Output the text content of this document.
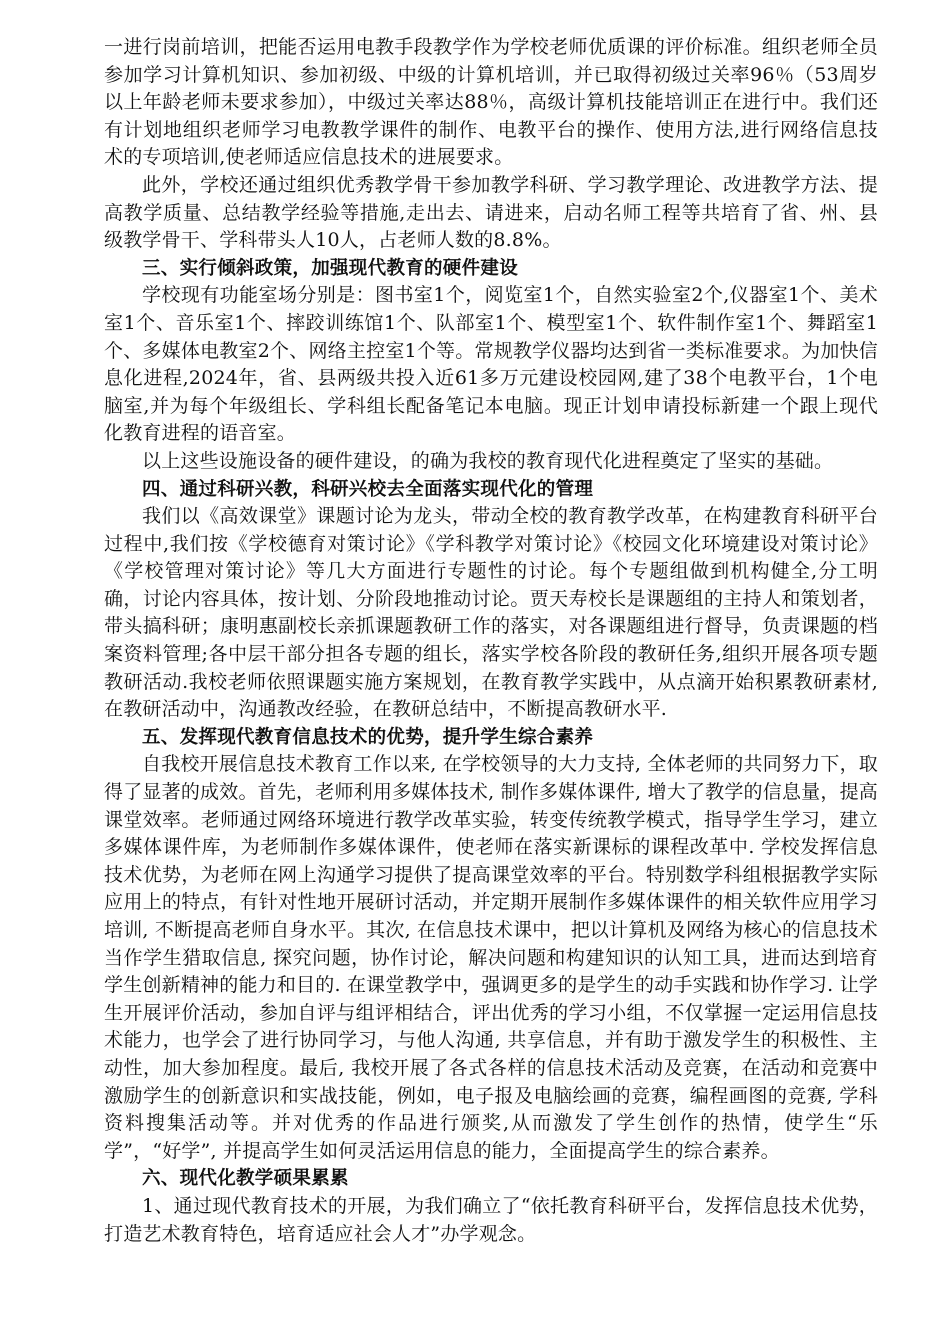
一进行岗前培训，把能否运用电教手段教学作为学校老师优质课的评价标准。组织老师全员参加学习计算机知识、参加初级、中级的计算机培训，并已取得初级过关率96％（53周岁以上年龄老师未要求参加），中级过关率达88％，高级计算机技能培训正在进行中。我们还有计划地组织老师学习电教教学课件的制作、电教平台的操作、使用方法,进行网络信息技术的专项培训,使老师适应信息技术的进展要求。

此外，学校还通过组织优秀教学骨干参加教学科研、学习教学理论、改进教学方法、提高教学质量、总结教学经验等措施,走出去、请进来，启动名师工程等共培育了省、州、县级教学骨干、学科带头人10人，占老师人数的8.8%。

三、实行倾斜政策，加强现代教育的硬件建设

学校现有功能室场分别是：图书室1个，阅览室1个，自然实验室2个,仪器室1个、美术室1个、音乐室1个、摔跤训练馆1个、队部室1个、模型室1个、软件制作室1个、舞蹈室1个、多媒体电教室2个、网络主控室1个等。常规教学仪器均达到省一类标准要求。为加快信息化进程,2024年，省、县两级共投入近61多万元建设校园网,建了38个电教平台，1个电脑室,并为每个年级组长、学科组长配备笔记本电脑。现正计划申请投标新建一个跟上现代化教育进程的语音室。

以上这些设施设备的硬件建设，的确为我校的教育现代化进程奠定了坚实的基础。

四、通过科研兴教，科研兴校去全面落实现代化的管理

我们以《高效课堂》课题讨论为龙头，带动全校的教育教学改革，在构建教育科研平台过程中,我们按《学校德育对策讨论》《学科教学对策讨论》《校园文化环境建设对策讨论》《学校管理对策讨论》等几大方面进行专题性的讨论。每个专题组做到机构健全,分工明确，讨论内容具体，按计划、分阶段地推动讨论。贾天寿校长是课题组的主持人和策划者，带头搞科研；康明惠副校长亲抓课题教研工作的落实，对各课题组进行督导，负责课题的档案资料管理;各中层干部分担各专题的组长，落实学校各阶段的教研任务,组织开展各项专题教研活动.我校老师依照课题实施方案规划，在教育教学实践中，从点滴开始积累教研素材,在教研活动中，沟通教改经验，在教研总结中，不断提高教研水平.

五、发挥现代教育信息技术的优势，提升学生综合素养

自我校开展信息技术教育工作以来, 在学校领导的大力支持, 全体老师的共同努力下，取得了显著的成效。首先，老师利用多媒体技术, 制作多媒体课件, 增大了教学的信息量，提高课堂效率。老师通过网络环境进行教学改革实验，转变传统教学模式，指导学生学习，建立多媒体课件库，为老师制作多媒体课件，使老师在落实新课标的课程改革中. 学校发挥信息技术优势，为老师在网上沟通学习提供了提高课堂效率的平台。特别数学科组根据教学实际应用上的特点，有针对性地开展研讨活动，并定期开展制作多媒体课件的相关软件应用学习培训, 不断提高老师自身水平。其次, 在信息技术课中，把以计算机及网络为核心的信息技术当作学生猎取信息, 探究问题，协作讨论，解决问题和构建知识的认知工具，进而达到培育学生创新精神的能力和目的. 在课堂教学中，强调更多的是学生的动手实践和协作学习. 让学生开展评价活动，参加自评与组评相结合，评出优秀的学习小组，不仅掌握一定运用信息技术能力，也学会了进行协同学习，与他人沟通, 共享信息，并有助于激发学生的积极性、主动性，加大参加程度。最后, 我校开展了各式各样的信息技术活动及竞赛，在活动和竞赛中激励学生的创新意识和实战技能，例如，电子报及电脑绘画的竞赛，编程画图的竞赛, 学科资料搜集活动等。并对优秀的作品进行颁奖,从而激发了学生创作的热情，使学生“乐学”，“好学”, 并提高学生如何灵活运用信息的能力，全面提高学生的综合素养。

六、现代化教学硕果累累

1、通过现代教育技术的开展，为我们确立了“依托教育科研平台，发挥信息技术优势，打造艺术教育特色，培育适应社会人才”办学观念。
